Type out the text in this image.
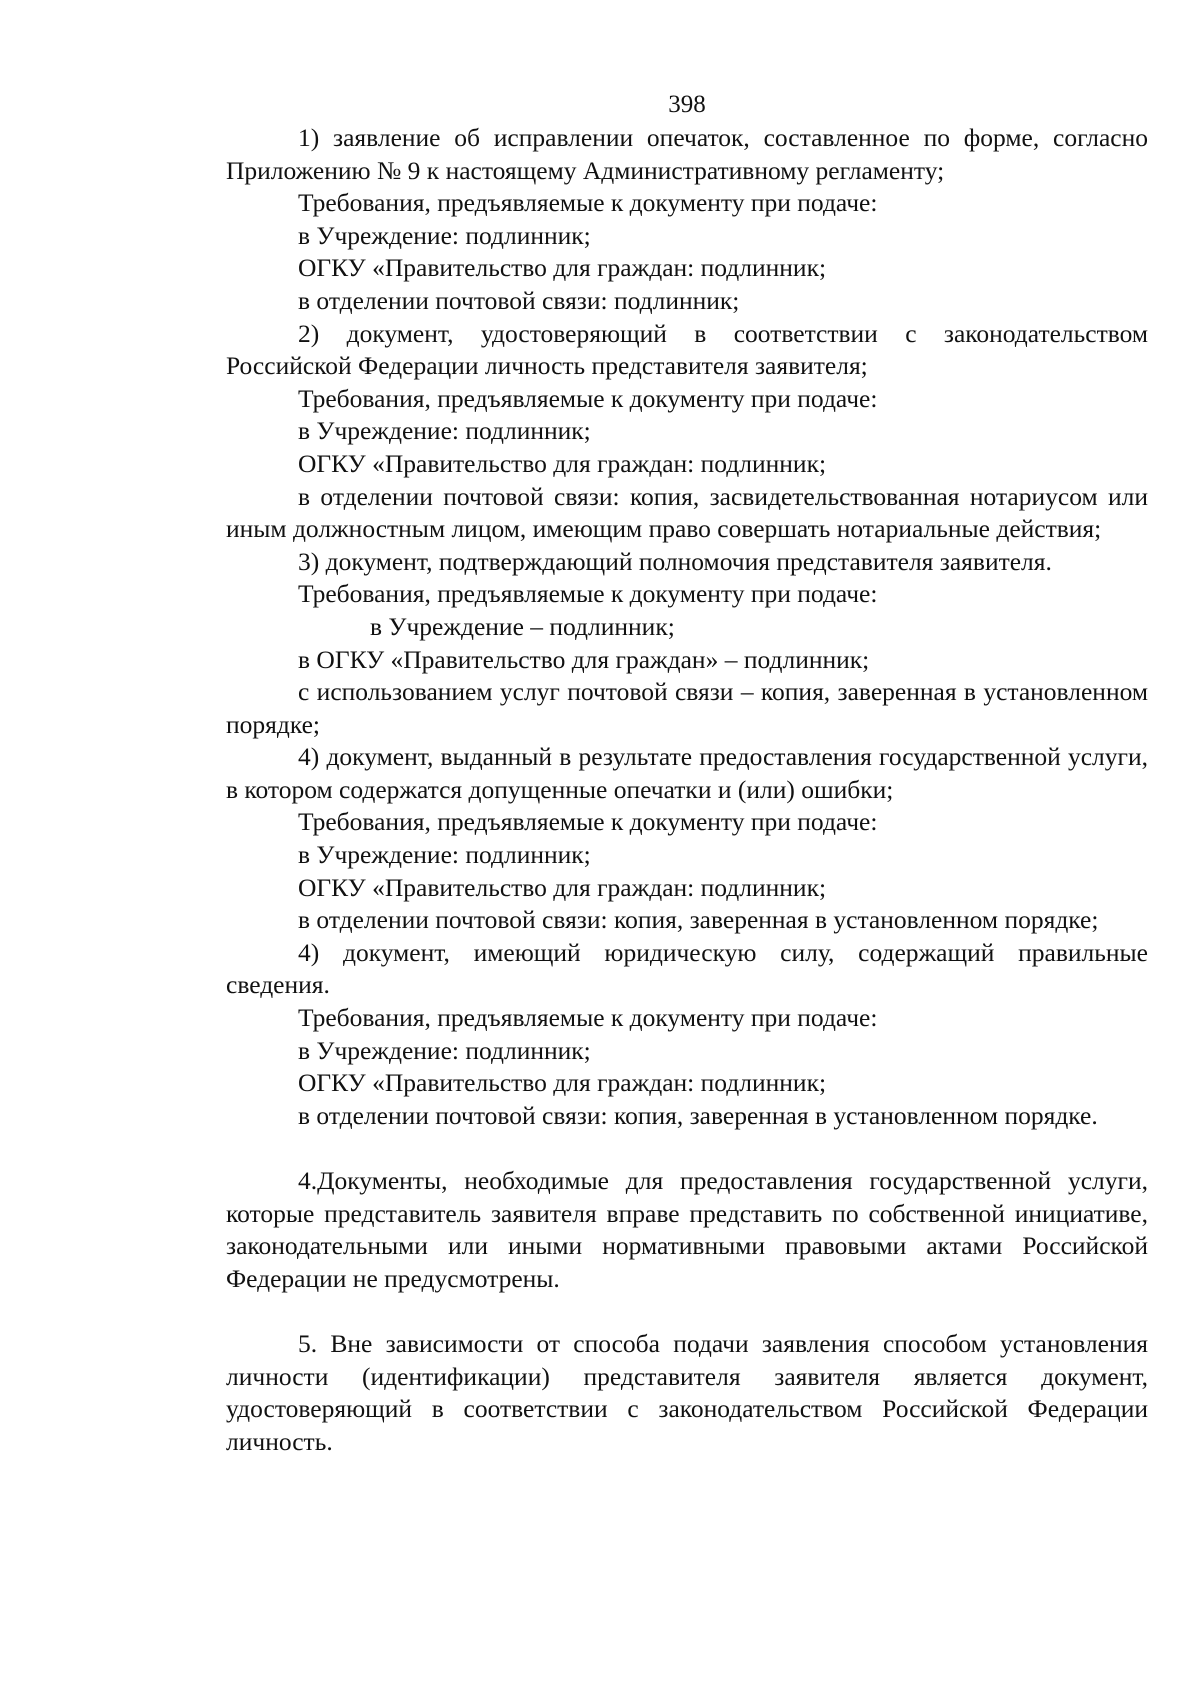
398

1) заявление об исправлении опечаток, составленное по форме, согласно Приложению № 9 к настоящему Административному регламенту;

Требования, предъявляемые к документу при подаче:

в Учреждение: подлинник;

ОГКУ «Правительство для граждан: подлинник;

в отделении почтовой связи: подлинник;

2) документ, удостоверяющий в соответствии с законодательством Российской Федерации личность представителя заявителя;

Требования, предъявляемые к документу при подаче:

в Учреждение: подлинник;

ОГКУ «Правительство для граждан: подлинник;

в отделении почтовой связи: копия, засвидетельствованная нотариусом или иным должностным лицом, имеющим право совершать нотариальные действия;

3) документ, подтверждающий полномочия представителя заявителя.

Требования, предъявляемые к документу при подаче:

в Учреждение – подлинник;

в ОГКУ «Правительство для граждан» – подлинник;

с использованием услуг почтовой связи – копия, заверенная в установленном порядке;

4) документ, выданный в результате предоставления государственной услуги, в котором содержатся допущенные опечатки и (или) ошибки;

Требования, предъявляемые к документу при подаче:

в Учреждение: подлинник;

ОГКУ «Правительство для граждан: подлинник;

в отделении почтовой связи: копия, заверенная в установленном порядке;

4) документ, имеющий юридическую силу, содержащий правильные сведения.

Требования, предъявляемые к документу при подаче:

в Учреждение: подлинник;

ОГКУ «Правительство для граждан: подлинник;

в отделении почтовой связи: копия, заверенная в установленном порядке.

4.Документы, необходимые для предоставления государственной услуги, которые представитель заявителя вправе представить по собственной инициативе, законодательными или иными нормативными правовыми актами Российской Федерации не предусмотрены.

5. Вне зависимости от способа подачи заявления способом установления личности (идентификации) представителя заявителя является документ, удостоверяющий в соответствии с законодательством Российской Федерации личность.
